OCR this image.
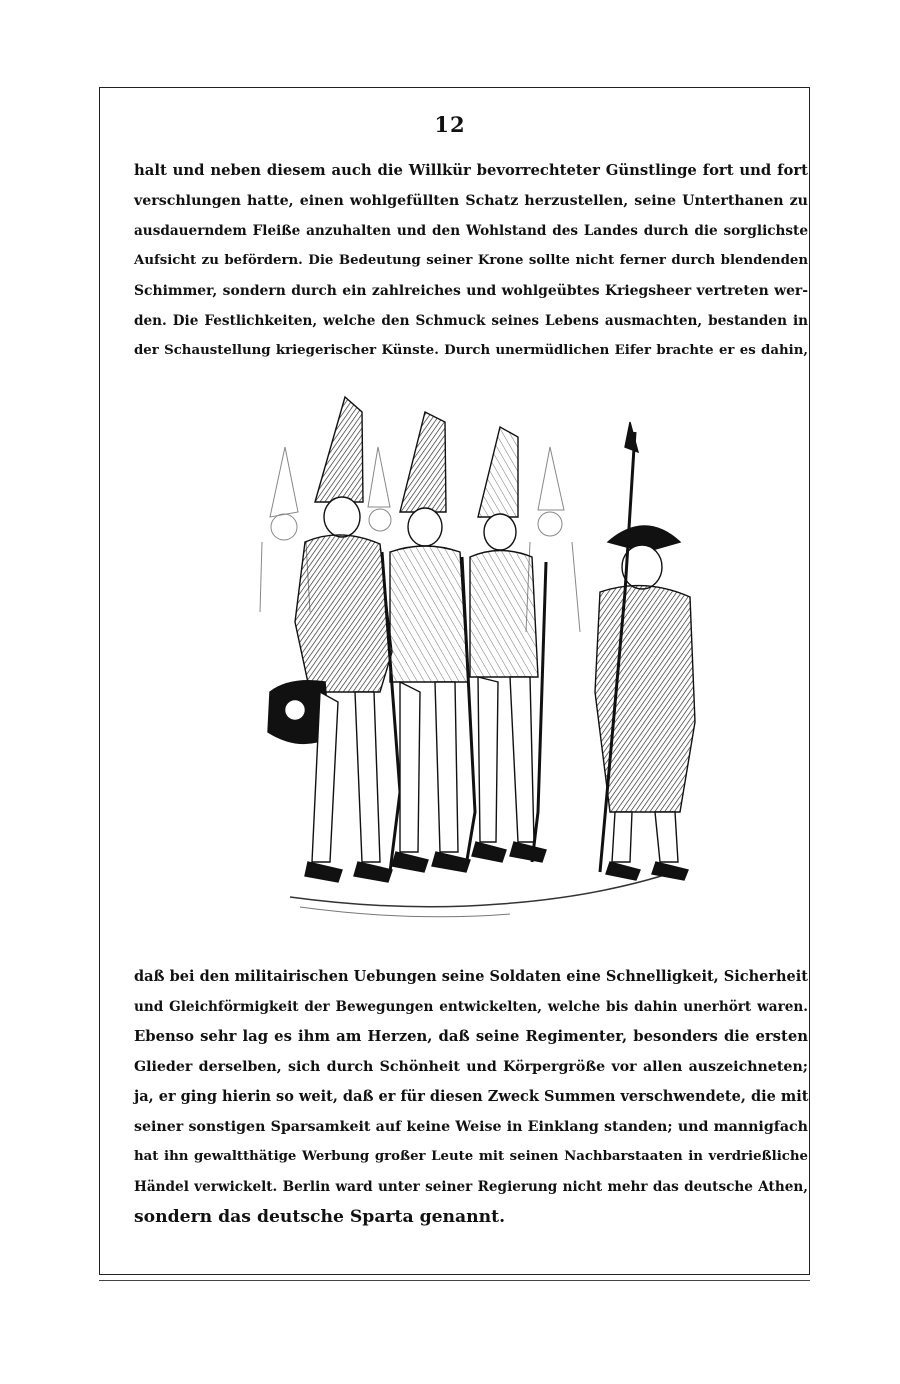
12
halt und neben diesem auch die Willkür bevorrechteter Günstlinge fort und fort
verschlungen hatte, einen wohlgefüllten Schatz herzustellen, seine Unterthanen zu
ausdauerndem Fleiße anzuhalten und den Wohlstand des Landes durch die sorglichste
Aufsicht zu befördern. Die Bedeutung seiner Krone sollte nicht ferner durch blendenden
Schimmer, sondern durch ein zahlreiches und wohlgeübtes Kriegsheer vertreten wer-
den. Die Festlichkeiten, welche den Schmuck seines Lebens ausmachten, bestanden in
der Schaustellung kriegerischer Künste. Durch unermüdlichen Eifer brachte er es dahin,
daß bei den militairischen Uebungen seine Soldaten eine Schnelligkeit, Sicherheit
und Gleichförmigkeit der Bewegungen entwickelten, welche bis dahin unerhört waren.
Ebenso sehr lag es ihm am Herzen, daß seine Regimenter, besonders die ersten
Glieder derselben, sich durch Schönheit und Körpergröße vor allen auszeichneten;
ja, er ging hierin so weit, daß er für diesen Zweck Summen verschwendete, die mit
seiner sonstigen Sparsamkeit auf keine Weise in Einklang standen; und mannigfach
hat ihn gewaltthätige Werbung großer Leute mit seinen Nachbarstaaten in verdrießliche
Händel verwickelt. Berlin ward unter seiner Regierung nicht mehr das deutsche Athen,
sondern das deutsche Sparta genannt.
